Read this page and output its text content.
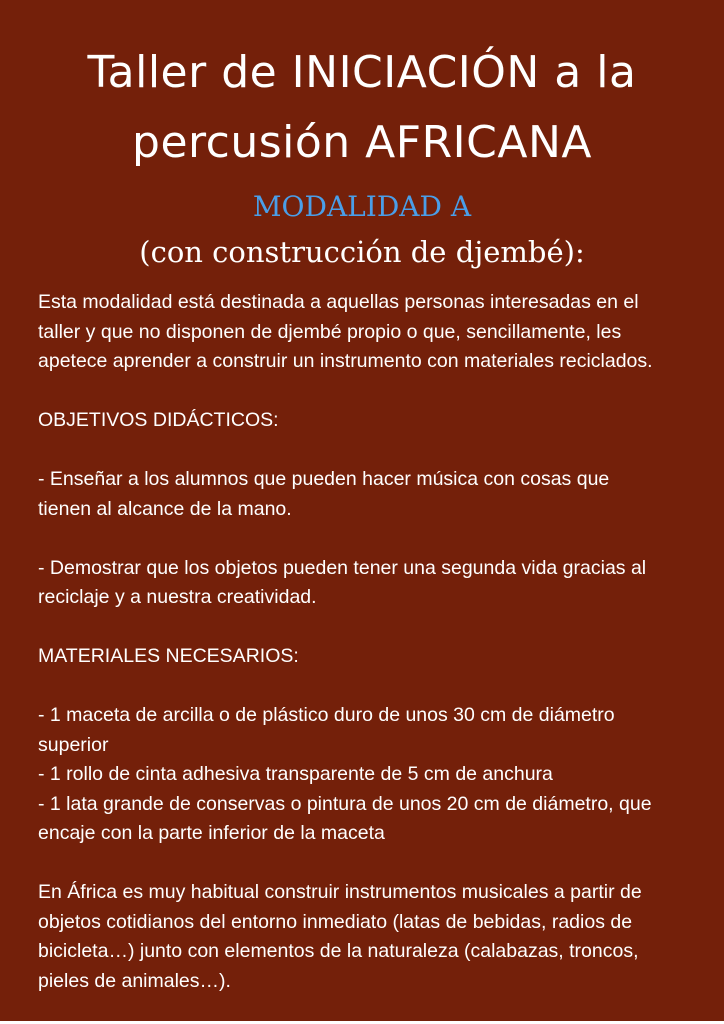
Taller de INICIACIÓN a la
percusión AFRICANA
MODALIDAD A
(con construcción de djembé):

Esta modalidad está destinada a aquellas personas interesadas en el

taller y que no disponen de djembé propio o que, sencillamente, les

apetece aprender a construir un instrumento con materiales reciclados.

OBJETIVOS DIDÁCTICOS:

- Enseñar a los alumnos que pueden hacer música con cosas que

tienen al alcance de la mano.

- Demostrar que los objetos pueden tener una segunda vida gracias al

reciclaje y a nuestra creatividad.

MATERIALES NECESARIOS:

- 1 maceta de arcilla o de plástico duro de unos 30 cm de diámetro

superior

- 1 rollo de cinta adhesiva transparente de 5 cm de anchura

- 1 lata grande de conservas o pintura de unos 20 cm de diámetro, que

encaje con la parte inferior de la maceta

En África es muy habitual construir instrumentos musicales a partir de

objetos cotidianos del entorno inmediato (latas de bebidas, radios de

bicicleta…) junto con elementos de la naturaleza (calabazas, troncos,

pieles de animales…).
